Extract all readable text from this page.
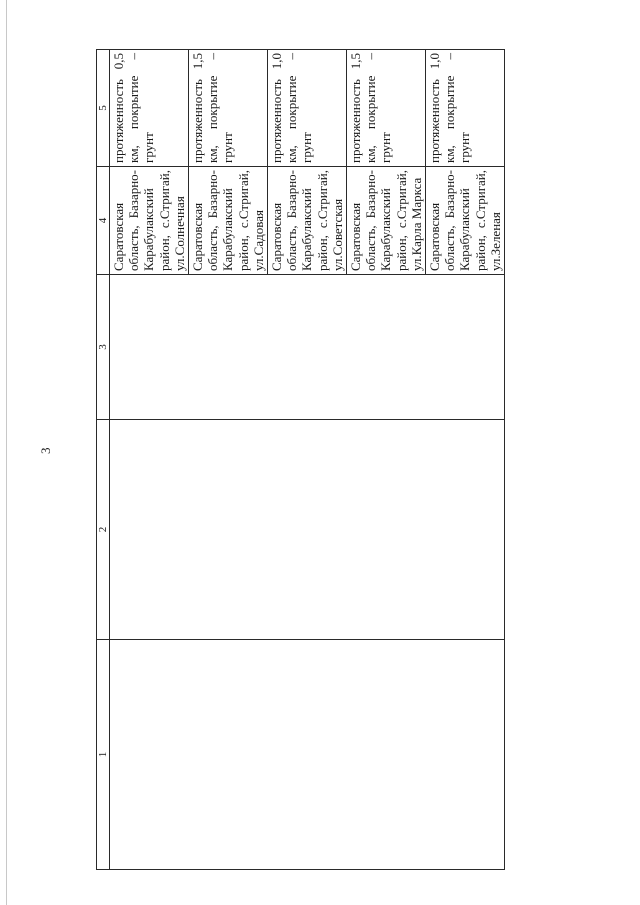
3
1	2	3	4	5
			Саратовская область, Базарно-Карабулакский район, с.Стригай, ул.Солнечная	протяженность 0,5 км, покрытие – грунт
			Саратовская область, Базарно-Карабулакский район, с.Стригай, ул.Садовая	протяженность 1,5 км, покрытие – грунт
			Саратовская область, Базарно-Карабулакский район, с.Стригай, ул.Советская	протяженность 1,0 км, покрытие – грунт
			Саратовская область, Базарно-Карабулакский район, с.Стригай, ул.Карла Маркса	протяженность 1,5 км, покрытие – грунт
			Саратовская область, Базарно-Карабулакский район, с.Стригай, ул.Зеленая	протяженность 1,0 км, покрытие – грунт
